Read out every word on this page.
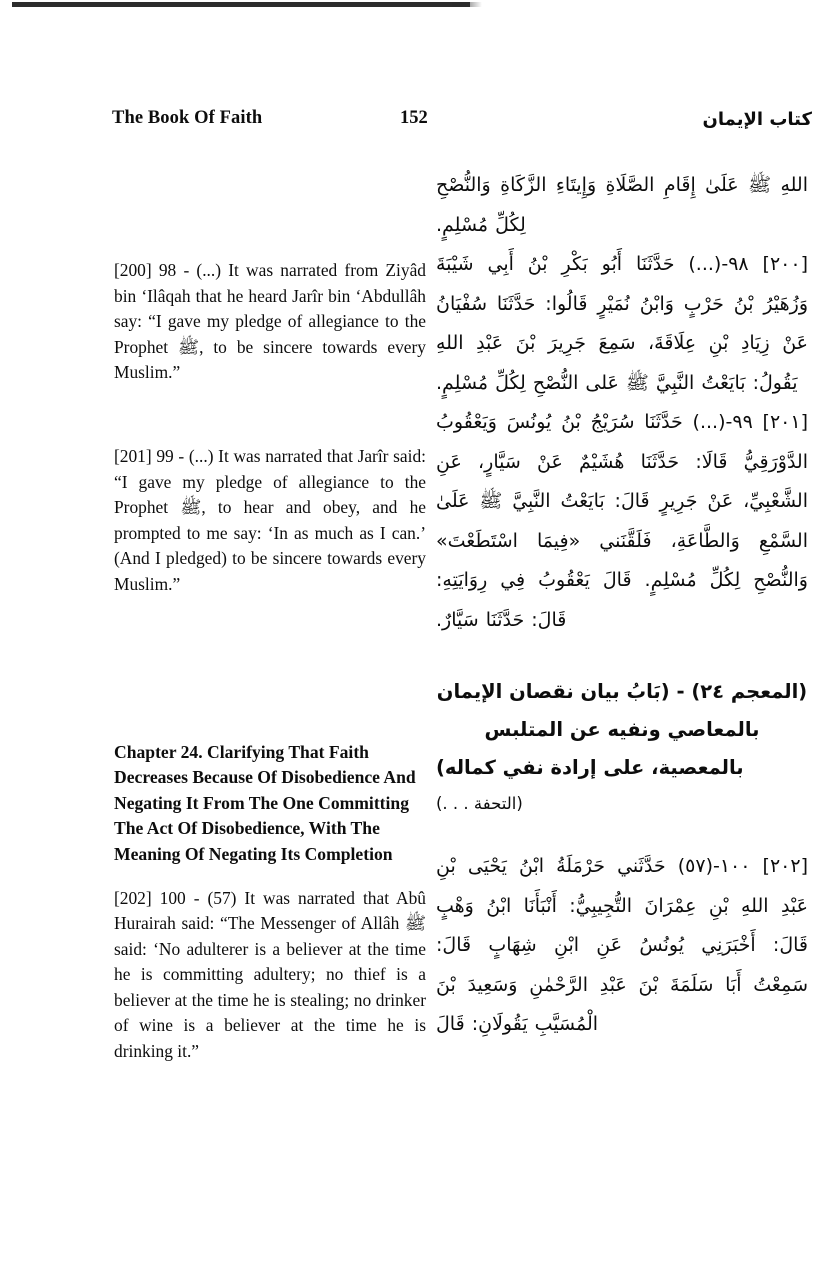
The Book Of Faith	152	كتاب الإيمان

[200] 98 - (...) It was narrated from Ziyâd bin ‘Ilâqah that he heard Jarîr bin ‘Abdullâh say: “I gave my pledge of allegiance to the Prophet ﷺ, to be sincere towards every Muslim.”

[201] 99 - (...) It was narrated that Jarîr said: “I gave my pledge of allegiance to the Prophet ﷺ, to hear and obey, and he prompted to me say: ‘In as much as I can.’ (And I pledged) to be sincere towards every Muslim.”

Chapter 24. Clarifying That Faith Decreases Because Of Disobedience And Negating It From The One Committing The Act Of Disobedience, With The Meaning Of Negating Its Completion

[202] 100 - (57) It was narrated that Abû Hurairah said: “The Messenger of Allâh ﷺ said: ‘No adulterer is a believer at the time he is committing adultery; no thief is a believer at the time he is stealing; no drinker of wine is a believer at the time he is drinking it.”

اللهِ ﷺ عَلَىٰ إِقَامِ الصَّلَاةِ وَإِيتَاءِ الزَّكَاةِ وَالنُّصْحِ لِكُلِّ مُسْلِمٍ.

[٢٠٠] ٩٨-(...) حَدَّثَنَا أَبُو بَكْرِ بْنُ أَبِي شَيْبَةَ وَزُهَيْرُ بْنُ حَرْبٍ وَابْنُ نُمَيْرٍ قَالُوا: حَدَّثَنَا سُفْيَانُ عَنْ زِيَادِ بْنِ عِلَاقَةَ، سَمِعَ جَرِيرَ بْنَ عَبْدِ اللهِ يَقُولُ: بَايَعْتُ النَّبِيَّ ﷺ عَلى النُّصْحِ لِكُلِّ مُسْلِمٍ.

[٢٠١] ٩٩-(...) حَدَّثَنَا سُرَيْجُ بْنُ يُونُسَ وَيَعْقُوبُ الدَّوْرَقِيُّ قَالَا: حَدَّثَنَا هُشَيْمٌ عَنْ سَيَّارٍ، عَنِ الشَّعْبِيِّ، عَنْ جَرِيرٍ قَالَ: بَايَعْتُ النَّبِيَّ ﷺ عَلَىٰ السَّمْعِ وَالطَّاعَةِ، فَلَقَّنَني «فِيمَا اسْتَطَعْتَ» وَالنُّصْحِ لِكُلِّ مُسْلِمٍ. قَالَ يَعْقُوبُ فِي رِوَايَتِهِ: قَالَ: حَدَّثَنَا سَيَّارٌ.

(المعجم ٢٤) - (بَابُ بيان نقصان الإيمان بالمعاصي ونفيه عن المتلبس بالمعصية، على إرادة نفي كماله)

(التحفة . . .)

[٢٠٢] ١٠٠-(٥٧) حَدَّثَني حَرْمَلَةُ ابْنُ يَحْيَى بْنِ عَبْدِ اللهِ بْنِ عِمْرَانَ التُّجِيبِيُّ: أَنْبَأَنَا ابْنُ وَهْبٍ قَالَ: أَخْبَرَنِي يُونُسُ عَنِ ابْنِ شِهَابٍ قَالَ: سَمِعْتُ أَبَا سَلَمَةَ بْنَ عَبْدِ الرَّحْمٰنِ وَسَعِيدَ بْنَ الْمُسَيَّبِ يَقُولَانِ: قَالَ
